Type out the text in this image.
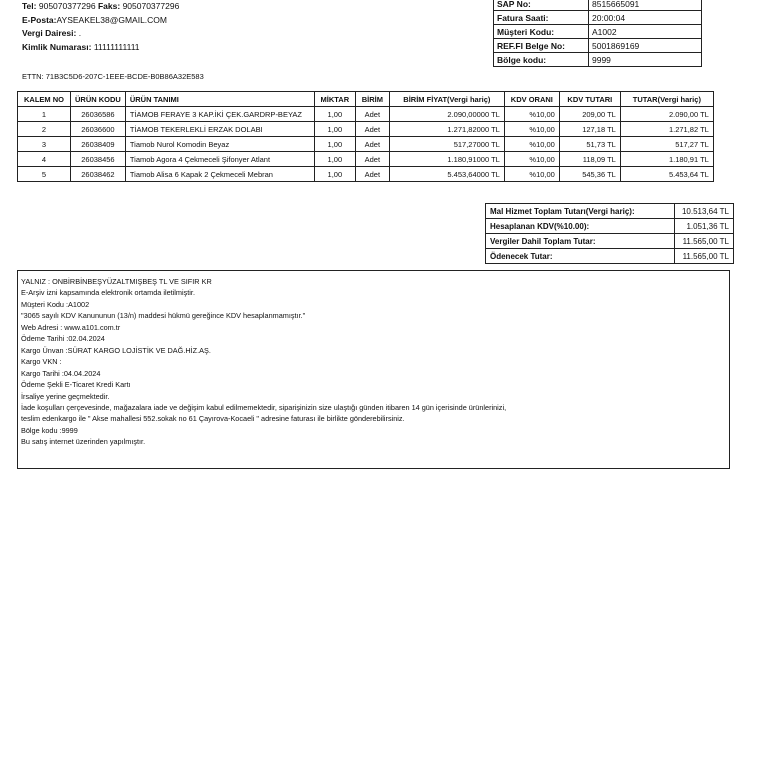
Tel: 905070377296 Faks: 905070377296
E-Posta:AYSEAKEL38@GMAIL.COM
Vergi Dairesi: .
Kimlik Numarası: 11111111111
SAP No:	8515665091
Fatura Saati:	20:00:04
Müşteri Kodu:	A1002
REF.FI Belge No:	5001869169
Bölge kodu:	9999
ETTN: 71B3C5D6-207C-1EEE-BCDE-B0B86A32E583
KALEM NO	ÜRÜN KODU	ÜRÜN TANIMI	MİKTAR	BİRİM	BİRİM FİYAT(Vergi hariç)	KDV ORANI	KDV TUTARI	TUTAR(Vergi hariç)
1	26036586	TİAMOB FERAYE 3 KAP.İKİ ÇEK.GARDRP-BEYAZ	1,00	Adet	2.090,00000 TL	%10,00	209,00 TL	2.090,00 TL
2	26036600	TİAMOB TEKERLEKLİ ERZAK DOLABI	1,00	Adet	1.271,82000 TL	%10,00	127,18 TL	1.271,82 TL
3	26038409	Tiamob Nurol Komodin Beyaz	1,00	Adet	517,27000 TL	%10,00	51,73 TL	517,27 TL
4	26038456	Tiamob Agora 4 Çekmeceli Şifonyer Atlant	1,00	Adet	1.180,91000 TL	%10,00	118,09 TL	1.180,91 TL
5	26038462	Tiamob Alisa 6 Kapak 2 Çekmeceli Mebran	1,00	Adet	5.453,64000 TL	%10,00	545,36 TL	5.453,64 TL
Mal Hizmet Toplam Tutarı(Vergi hariç):	10.513,64 TL
Hesaplanan KDV(%10.00):	1.051,36 TL
Vergiler Dahil Toplam Tutar:	11.565,00 TL
Ödenecek Tutar:	11.565,00 TL
YALNIZ : ONBİRBİNBEŞYÜZALTMIŞBEŞ TL VE SIFIR KR
E-Arşiv izni kapsamında elektronik ortamda iletilmiştir.
Müşteri Kodu :A1002
"3065 sayılı KDV Kanununun (13/n) maddesi hükmü gereğince KDV hesaplanmamıştır."
Web Adresi : www.a101.com.tr
Ödeme Tarihi :02.04.2024
Kargo Ünvan :SÜRAT KARGO LOJİSTİK VE DAĞ.HİZ.AŞ.
Kargo VKN :
Kargo Tarihi :04.04.2024
Ödeme Şekli E-Ticaret Kredi Kartı
İrsaliye yerine geçmektedir.
İade koşulları çerçevesinde, mağazalara iade ve değişim kabul edilmemektedir, siparişinizin size ulaştığı günden itibaren 14 gün içerisinde ürünlerinizi,
teslim edenkargo ile " Akse mahallesi 552.sokak no 61 Çayırova-Kocaeli " adresine faturası ile birlikte gönderebilirsiniz.
Bölge kodu :9999
Bu satış internet üzerinden yapılmıştır.
